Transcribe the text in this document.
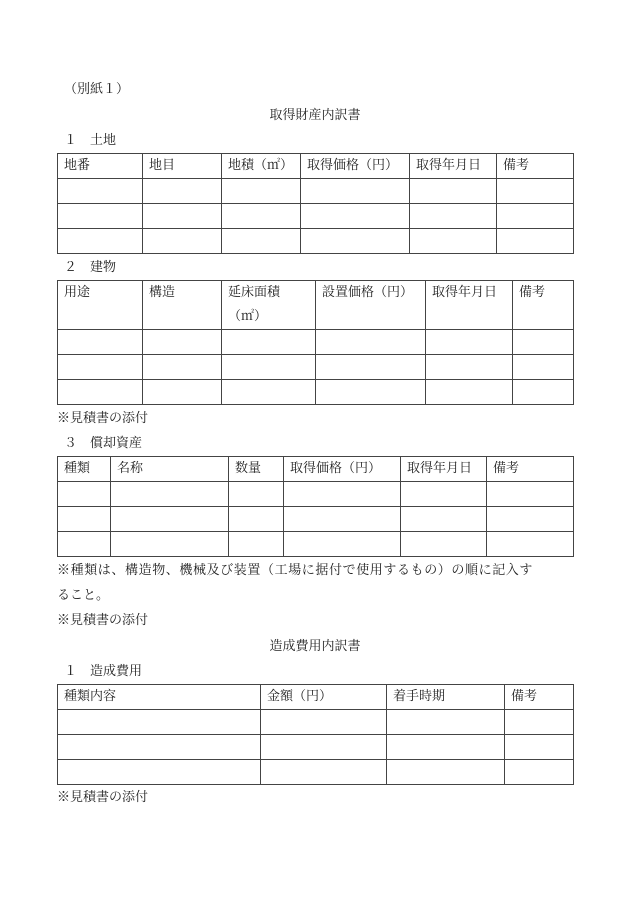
（別紙１）
取得財産内訳書
１ 土地
地番	地目	地積（㎡）	取得価格（円）	取得年月日	備考

２ 建物
用途	構造	延床面積（㎡）	設置価格（円）	取得年月日	備考

※見積書の添付
３ 償却資産
種類	名称	数量	取得価格（円）	取得年月日	備考

※種類は、構造物、機械及び装置（工場に据付で使用するもの）の順に記入す
ること。
※見積書の添付
造成費用内訳書
１ 造成費用
種類内容	金額（円）	着手時期	備考

※見積書の添付
